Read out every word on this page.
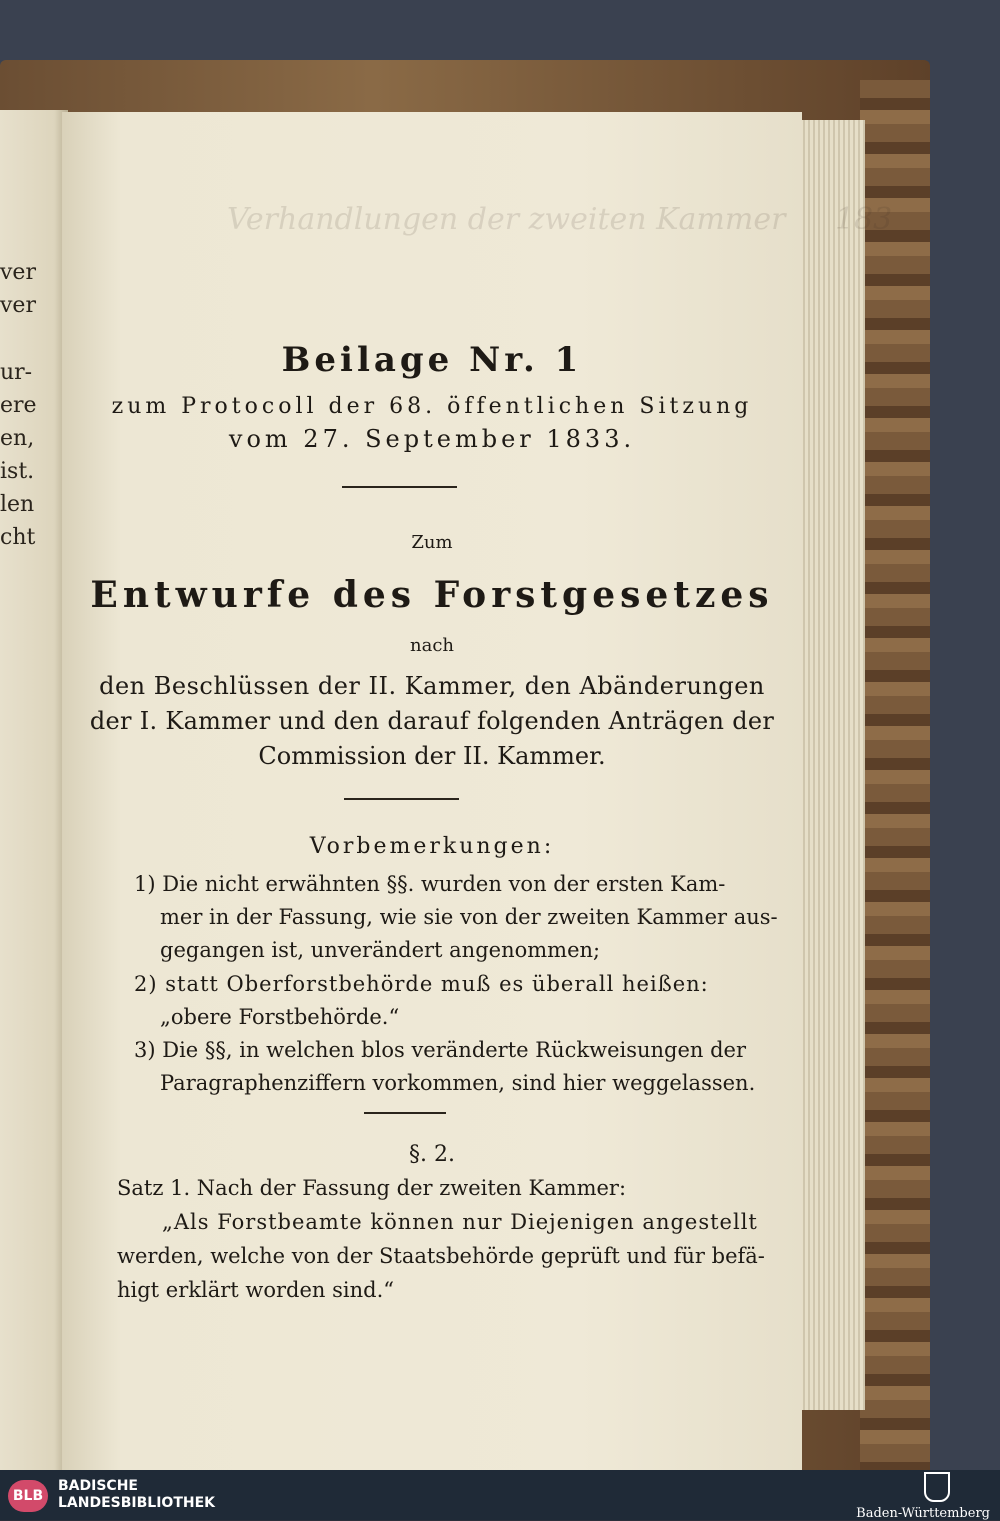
ver
ver
ur-
ere
en,
ist.
len
cht
Verhandlungen der zweiten Kammer 183
Beilage Nr. 1
zum Protocoll der 68. öffentlichen Sitzung
vom 27. September 1833.
Zum
Entwurfe des Forstgesetzes
nach
den Beschlüssen der II. Kammer, den Abänderungen
der I. Kammer und den darauf folgenden Anträgen der
Commission der II. Kammer.
Vorbemerkungen:
1) Die nicht erwähnten §§. wurden von der ersten Kam-
mer in der Fassung, wie sie von der zweiten Kammer aus-
gegangen ist, unverändert angenommen;
2) statt Oberforstbehörde muß es überall heißen:
„obere Forstbehörde.“
3) Die §§, in welchen blos veränderte Rückweisungen der
Paragraphenziffern vorkommen, sind hier weggelassen.
§. 2.
Satz 1. Nach der Fassung der zweiten Kammer:
„Als Forstbeamte können nur Diejenigen angestellt
werden, welche von der Staatsbehörde geprüft und für befä-
higt erklärt worden sind.“
BLB
BADISCHE
LANDESBIBLIOTHEK
Baden-Württemberg
